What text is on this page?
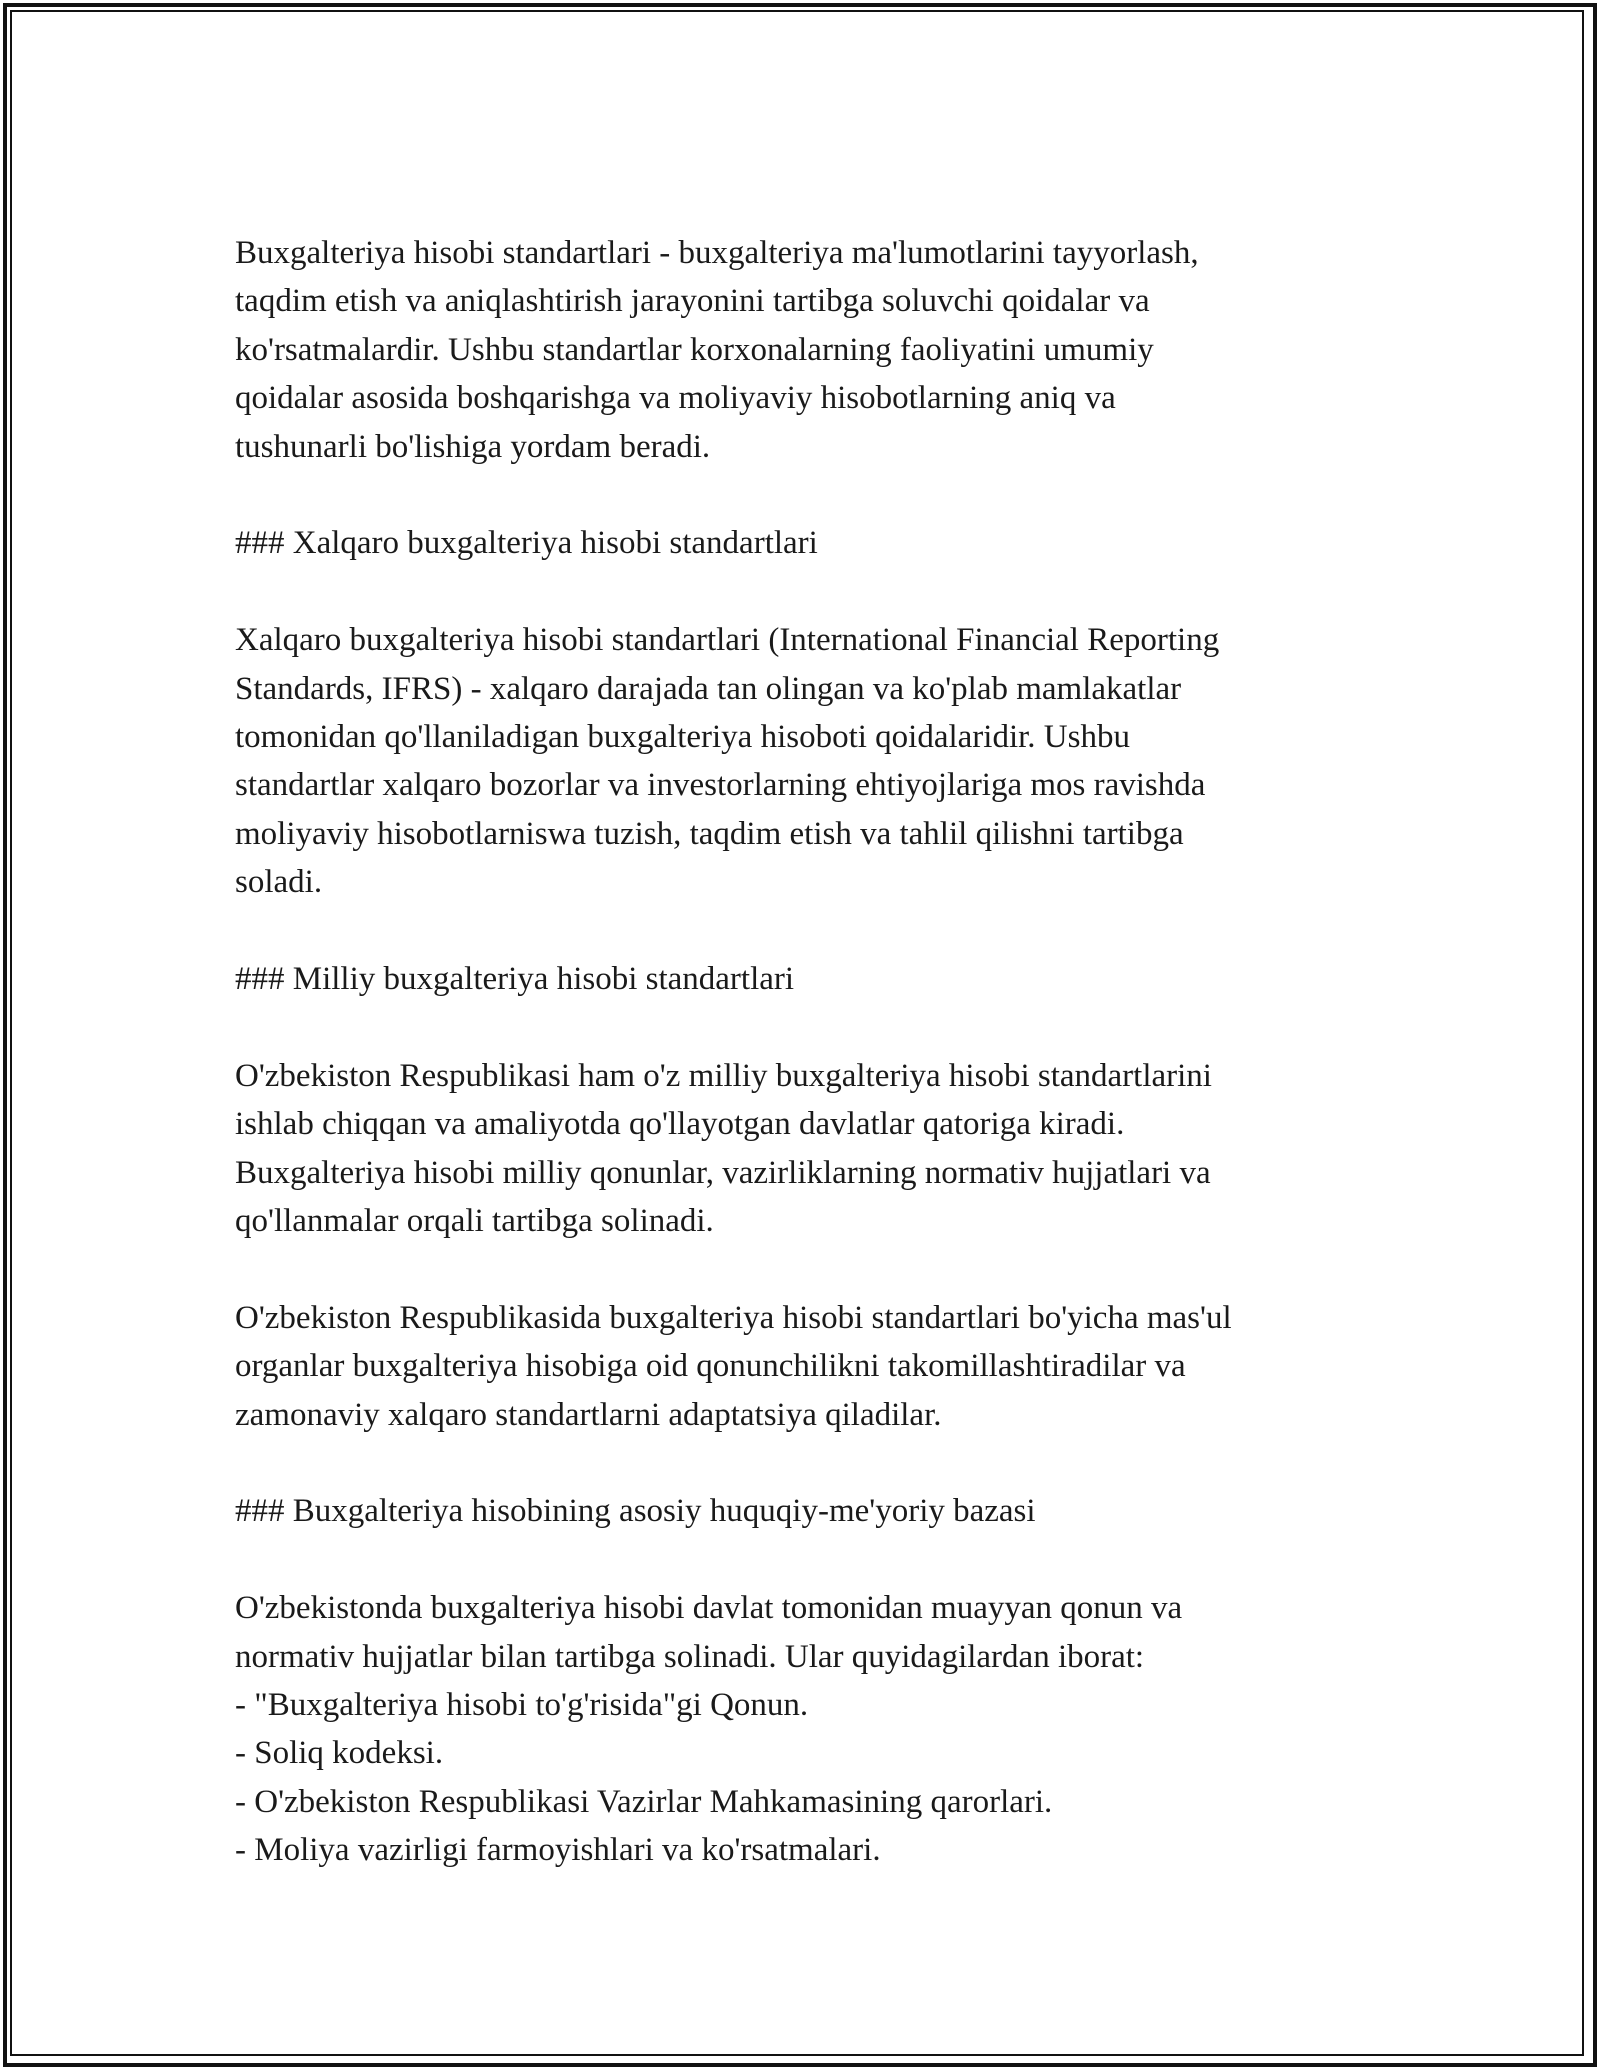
Buxgalteriya hisobi standartlari - buxgalteriya ma'lumotlarini tayyorlash,
taqdim etish va aniqlashtirish jarayonini tartibga soluvchi qoidalar va
ko'rsatmalardir. Ushbu standartlar korxonalarning faoliyatini umumiy
qoidalar asosida boshqarishga va moliyaviy hisobotlarning aniq va
tushunarli bo'lishiga yordam beradi.

### Xalqaro buxgalteriya hisobi standartlari

Xalqaro buxgalteriya hisobi standartlari (International Financial Reporting
Standards, IFRS) - xalqaro darajada tan olingan va ko'plab mamlakatlar
tomonidan qo'llaniladigan buxgalteriya hisoboti qoidalaridir. Ushbu
standartlar xalqaro bozorlar va investorlarning ehtiyojlariga mos ravishda
moliyaviy hisobotlarniswa tuzish, taqdim etish va tahlil qilishni tartibga
soladi.

### Milliy buxgalteriya hisobi standartlari

O'zbekiston Respublikasi ham o'z milliy buxgalteriya hisobi standartlarini
ishlab chiqqan va amaliyotda qo'llayotgan davlatlar qatoriga kiradi.
Buxgalteriya hisobi milliy qonunlar, vazirliklarning normativ hujjatlari va
qo'llanmalar orqali tartibga solinadi.

O'zbekiston Respublikasida buxgalteriya hisobi standartlari bo'yicha mas'ul
organlar buxgalteriya hisobiga oid qonunchilikni takomillashtiradilar va
zamonaviy xalqaro standartlarni adaptatsiya qiladilar.

### Buxgalteriya hisobining asosiy huquqiy-me'yoriy bazasi

O'zbekistonda buxgalteriya hisobi davlat tomonidan muayyan qonun va
normativ hujjatlar bilan tartibga solinadi. Ular quyidagilardan iborat:

- "Buxgalteriya hisobi to'g'risida"gi Qonun.
- Soliq kodeksi.
- O'zbekiston Respublikasi Vazirlar Mahkamasining qarorlari.
- Moliya vazirligi farmoyishlari va ko'rsatmalari.
